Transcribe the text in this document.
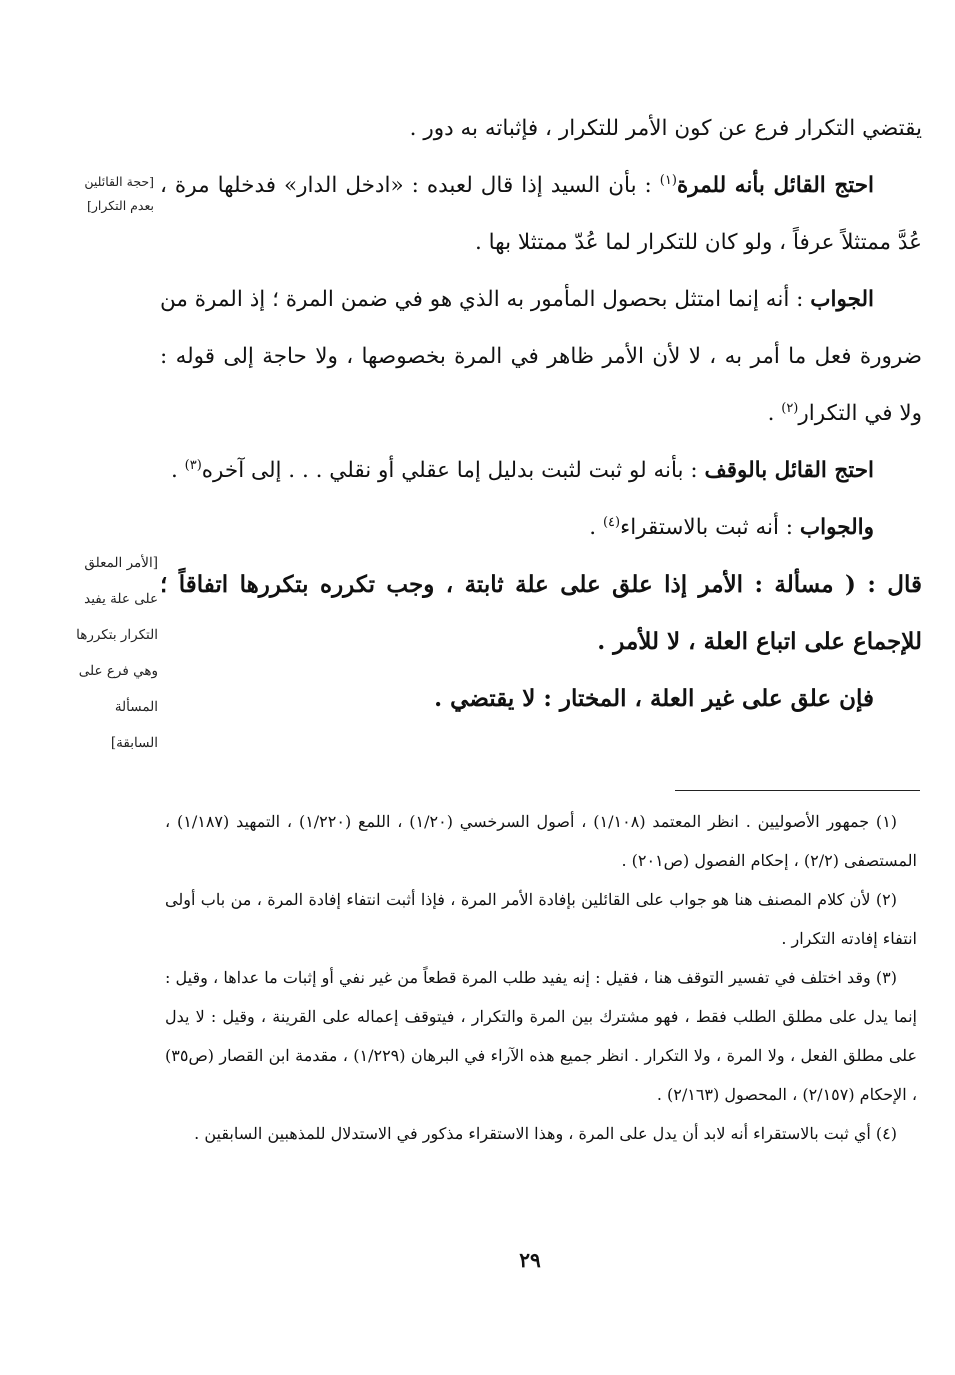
يقتضي التكرار فرع عن كون الأمر للتكرار ، فإثباته به دور .

احتج القائل بأنه للمرة$^{(١)}$ : بأن السيد إذا قال لعبده : «ادخل الدار» فدخلها مرة ، عُدَّ ممتثلاً عرفاً ، ولو كان للتكرار لما عُدّ ممتثلا بها .

الجواب : أنه إنما امتثل بحصول المأمور به الذي هو في ضمن المرة ؛ إذ المرة من ضرورة فعل ما أمر به ، لا لأن الأمر ظاهر في المرة بخصوصها ، ولا حاجة إلى قوله : ولا في التكرار$^{(٢)}$ .

احتج القائل بالوقف : بأنه لو ثبت لثبت بدليل إما عقلي أو نقلي . . . إلى آخره$^{(٣)}$ .

والجواب : أنه ثبت بالاستقراء$^{(٤)}$ .

قال : ( مسألة : الأمر إذا علق على علة ثابتة ، وجب تكرره بتكررها اتفاقاً ؛ للإجماع على اتباع العلة ، لا للأمر .

فإن علق على غير العلة ، المختار : لا يقتضي .

[حجة القائلين بعدم التكرار]
[الأمر المعلق على علة يفيد التكرار بتكررها وهي فرع على المسألة السابقة]

(١) جمهور الأصوليين . انظر المعتمد (١/١٠٨) ، أصول السرخسي (١/٢٠) ، اللمع (١/٢٢٠) ، التمهيد (١/١٨٧) ، المستصفى (٢/٢) ، إحكام الفصول (ص٢٠١) .

(٢) لأن كلام المصنف هنا هو جواب على القائلين بإفادة الأمر المرة ، فإذا أثبت انتفاء إفادة المرة ، من باب أولى انتفاء إفادته التكرار .

(٣) وقد اختلف في تفسير التوقف هنا ، فقيل : إنه يفيد طلب المرة قطعاً من غير نفي أو إثبات ما عداها ، وقيل : إنما يدل على مطلق الطلب فقط ، فهو مشترك بين المرة والتكرار ، فيتوقف إعماله على القرينة ، وقيل : لا يدل على مطلق الفعل ، ولا المرة ، ولا التكرار . انظر جميع هذه الآراء في البرهان (١/٢٢٩) ، مقدمة ابن القصار (ص٣٥) ، الإحكام (٢/١٥٧) ، المحصول (٢/١٦٣) .

(٤) أي ثبت بالاستقراء أنه لابد أن يدل على المرة ، وهذا الاستقراء مذكور في الاستدلال للمذهبين السابقين .

٢٩
